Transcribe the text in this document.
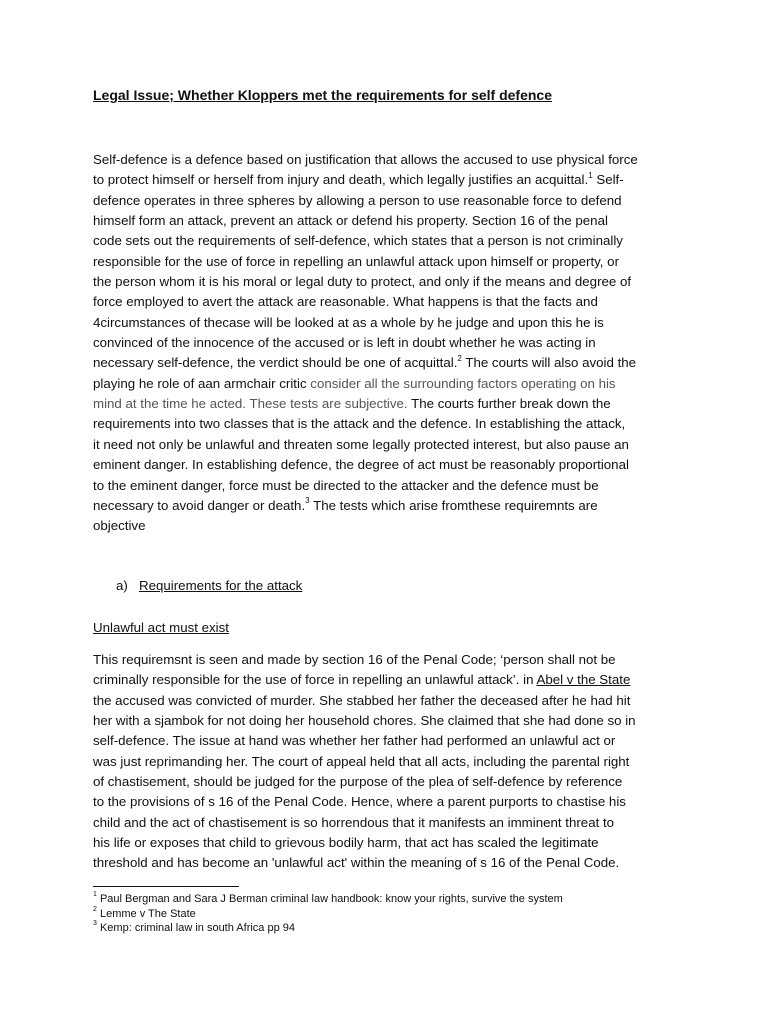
Legal Issue; Whether Kloppers met the requirements for self defence
Self-defence is a defence based on justification that allows the accused to use physical force
to protect himself or herself from injury and death, which legally justifies an acquittal.$^1$ Self-
defence operates in three spheres by allowing a person to use reasonable force to defend
himself form an attack, prevent an attack or defend his property. Section 16 of the penal
code sets out the requirements of self-defence, which states that a person is not criminally
responsible for the use of force in repelling an unlawful attack upon himself or property, or
the person whom it is his moral or legal duty to protect, and only if the means and degree of
force employed to avert the attack are reasonable. What happens is that the facts and
4circumstances of thecase will be looked at as a whole by he judge and upon this he is
convinced of the innocence of the accused or is left in doubt whether he was acting in
necessary self-defence, the verdict should be one of acquittal.$^2$ The courts will also avoid the
playing he role of aan armchair critic consider all the surrounding factors operating on his
mind at the time he acted. These tests are subjective. The courts further break down the
requirements into two classes that is the attack and the defence. In establishing the attack,
it need not only be unlawful and threaten some legally protected interest, but also pause an
eminent danger. In establishing defence, the degree of act must be reasonably proportional
to the eminent danger, force must be directed to the attacker and the defence must be
necessary to avoid danger or death.$^3$ The tests which arise fromthese requiremnts are
objective
a) Requirements for the attack
Unlawful act must exist
This requiremsnt is seen and made by section 16 of the Penal Code; ‘person shall not be
criminally responsible for the use of force in repelling an unlawful attack’. in Abel v the State
the accused was convicted of murder. She stabbed her father the deceased after he had hit
her with a sjambok for not doing her household chores. She claimed that she had done so in
self-defence. The issue at hand was whether her father had performed an unlawful act or
was just reprimanding her. The court of appeal held that all acts, including the parental right
of chastisement, should be judged for the purpose of the plea of self-defence by reference
to the provisions of s 16 of the Penal Code. Hence, where a parent purports to chastise his
child and the act of chastisement is so horrendous that it manifests an imminent threat to
his life or exposes that child to grievous bodily harm, that act has scaled the legitimate
threshold and has become an 'unlawful act' within the meaning of s 16 of the Penal Code.
$^1$ Paul Bergman and Sara J Berman criminal law handbook: know your rights, survive the system
$^2$ Lemme v The State
$^3$ Kemp: criminal law in south Africa pp 94
